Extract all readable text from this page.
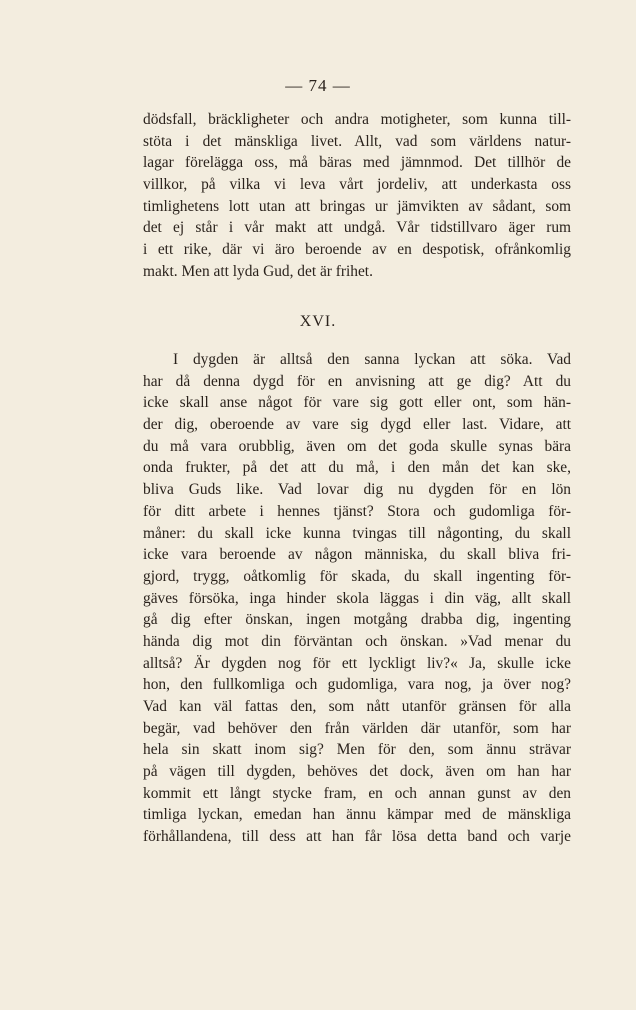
— 74 —
dödsfall, bräckligheter och andra motigheter, som kunna till-
stöta i det mänskliga livet. Allt, vad som världens natur-
lagar förelägga oss, må bäras med jämnmod. Det tillhör de
villkor, på vilka vi leva vårt jordeliv, att underkasta oss
timlighetens lott utan att bringas ur jämvikten av sådant, som
det ej står i vår makt att undgå. Vår tidstillvaro äger rum
i ett rike, där vi äro beroende av en despotisk, ofrånkomlig
makt. Men att lyda Gud, det är frihet.
XVI.
I dygden är alltså den sanna lyckan att söka. Vad
har då denna dygd för en anvisning att ge dig? Att du
icke skall anse något för vare sig gott eller ont, som hän-
der dig, oberoende av vare sig dygd eller last. Vidare, att
du må vara orubblig, även om det goda skulle synas bära
onda frukter, på det att du må, i den mån det kan ske,
bliva Guds like. Vad lovar dig nu dygden för en lön
för ditt arbete i hennes tjänst? Stora och gudomliga för-
måner: du skall icke kunna tvingas till någonting, du skall
icke vara beroende av någon människa, du skall bliva fri-
gjord, trygg, oåtkomlig för skada, du skall ingenting för-
gäves försöka, inga hinder skola läggas i din väg, allt skall
gå dig efter önskan, ingen motgång drabba dig, ingenting
hända dig mot din förväntan och önskan. »Vad menar du
alltså? Är dygden nog för ett lyckligt liv?« Ja, skulle icke
hon, den fullkomliga och gudomliga, vara nog, ja över nog?
Vad kan väl fattas den, som nått utanför gränsen för alla
begär, vad behöver den från världen där utanför, som har
hela sin skatt inom sig? Men för den, som ännu strävar
på vägen till dygden, behöves det dock, även om han har
kommit ett långt stycke fram, en och annan gunst av den
timliga lyckan, emedan han ännu kämpar med de mänskliga
förhållandena, till dess att han får lösa detta band och varje
